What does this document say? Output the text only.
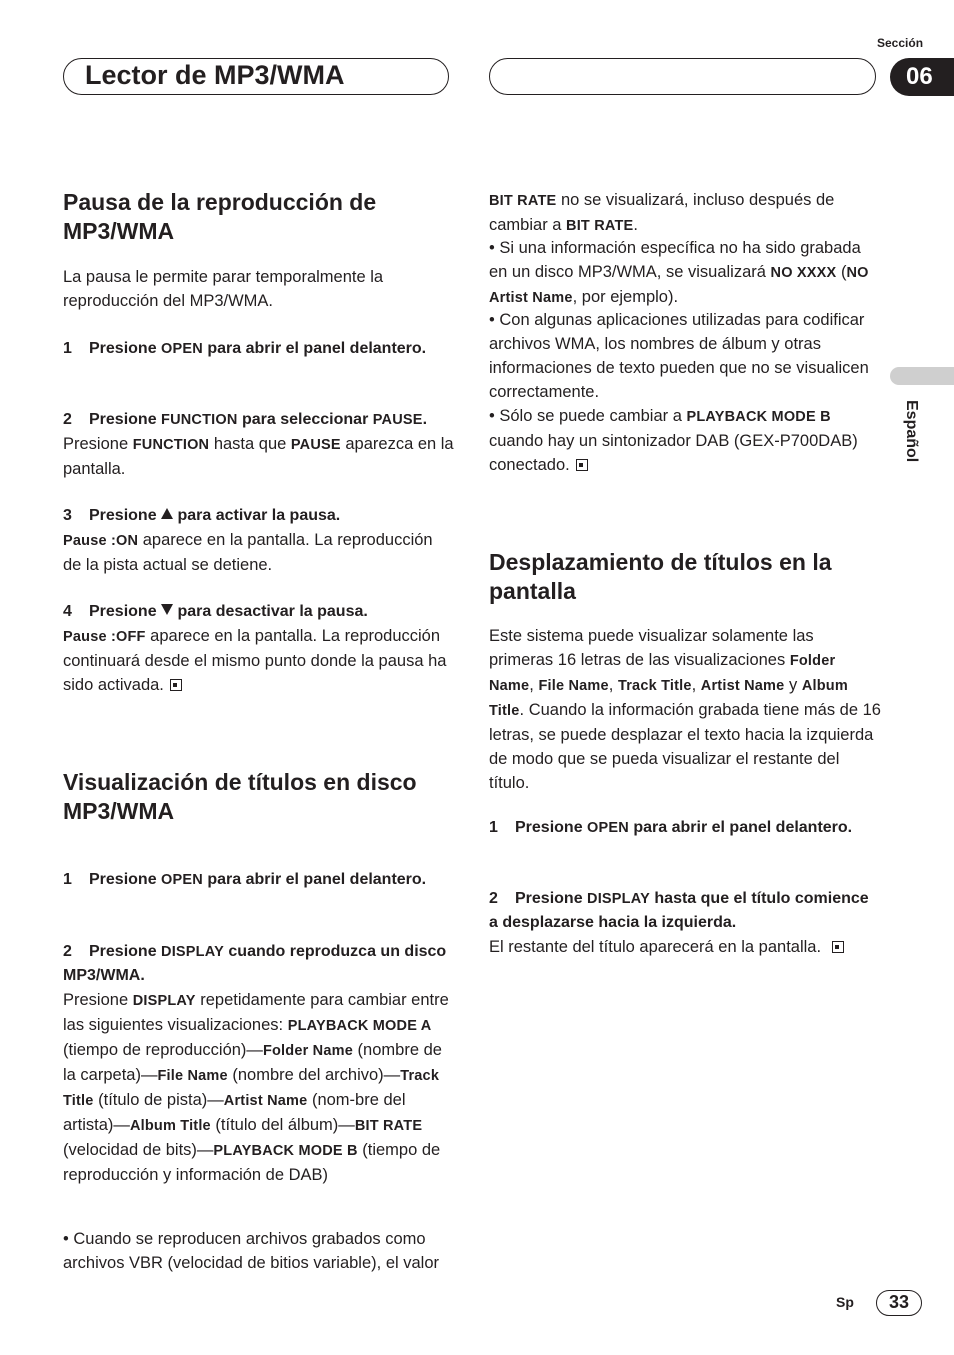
Lector de MP3/WMA
Sección
06
Español
Pausa de la reproducción de MP3/WMA

La pausa le permite parar temporalmente la reproducción del MP3/WMA.

1 Presione OPEN para abrir el panel delantero.

2 Presione FUNCTION para seleccionar PAUSE.

Presione FUNCTION hasta que PAUSE aparezca en la pantalla.

3 Presione  para activar la pausa.

Pause :ON aparece en la pantalla. La reproducción de la pista actual se detiene.

4 Presione  para desactivar la pausa.

Pause :OFF aparece en la pantalla. La reproducción continuará desde el mismo punto donde la pausa ha sido activada.

Visualización de títulos en disco MP3/WMA

1 Presione OPEN para abrir el panel delantero.

2 Presione DISPLAY cuando reproduzca un disco MP3/WMA.

Presione DISPLAY repetidamente para cambiar entre las siguientes visualizaciones: PLAYBACK MODE A (tiempo de reproducción)—Folder Name (nombre de la carpeta)—File Name (nombre del archivo)—Track Title (título de pista)—Artist Name (nom-bre del artista)—Album Title (título del álbum)—BIT RATE (velocidad de bits)—PLAYBACK MODE B (tiempo de reproducción y información de DAB)

• Cuando se reproducen archivos grabados como archivos VBR (velocidad de bitios variable), el valor

BIT RATE no se visualizará, incluso después de cambiar a BIT RATE.

• Si una información específica no ha sido grabada en un disco MP3/WMA, se visualizará NO XXXX (NO Artist Name, por ejemplo).

• Con algunas aplicaciones utilizadas para codificar archivos WMA, los nombres de álbum y otras informaciones de texto pueden que no se visualicen correctamente.

• Sólo se puede cambiar a PLAYBACK MODE B cuando hay un sintonizador DAB (GEX-P700DAB) conectado.

Desplazamiento de títulos en la pantalla

Este sistema puede visualizar solamente las primeras 16 letras de las visualizaciones Folder Name, File Name, Track Title, Artist Name y Album Title. Cuando la información grabada tiene más de 16 letras, se puede desplazar el texto hacia la izquierda de modo que se pueda visualizar el restante del título.

1 Presione OPEN para abrir el panel delantero.

2 Presione DISPLAY hasta que el título comience a desplazarse hacia la izquierda.

El restante del título aparecerá en la pantalla.

Sp	33
